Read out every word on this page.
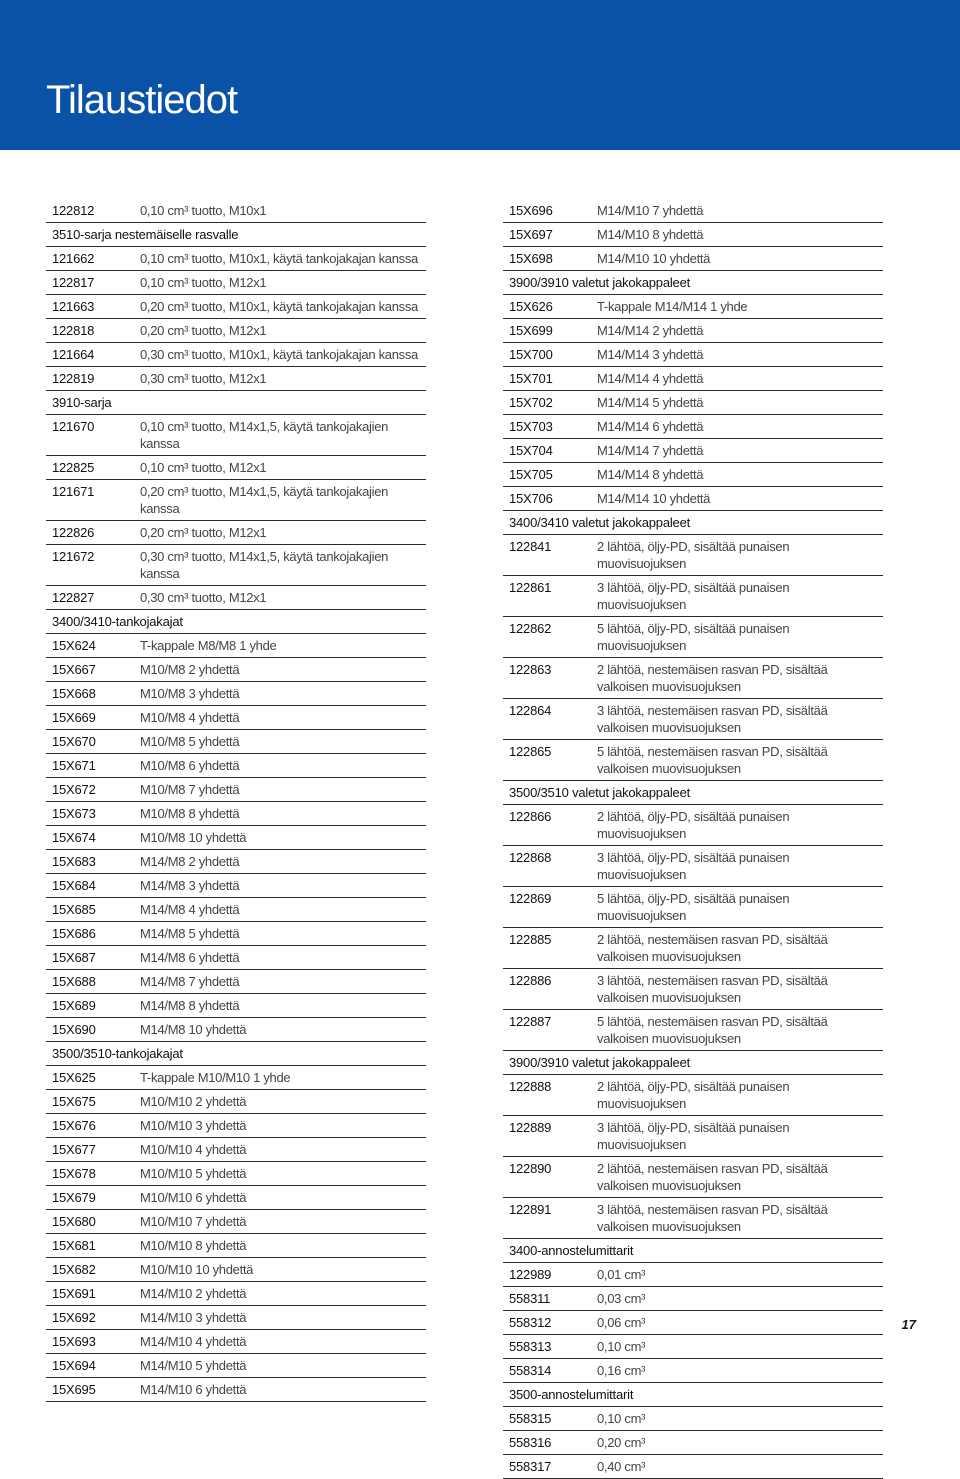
Tilaustiedot
122812	0,10 cm³ tuotto, M10x1
3510-sarja nestemäiselle rasvalle
121662	0,10 cm³ tuotto, M10x1, käytä tankojakajan kanssa
122817	0,10 cm³ tuotto, M12x1
121663	0,20 cm³ tuotto, M10x1, käytä tankojakajan kanssa
122818	0,20 cm³ tuotto, M12x1
121664	0,30 cm³ tuotto, M10x1, käytä tankojakajan kanssa
122819	0,30 cm³ tuotto, M12x1
3910-sarja
121670	0,10 cm³ tuotto, M14x1,5, käytä tankojakajien kanssa
122825	0,10 cm³ tuotto, M12x1
121671	0,20 cm³ tuotto, M14x1,5, käytä tankojakajien kanssa
122826	0,20 cm³ tuotto, M12x1
121672	0,30 cm³ tuotto, M14x1,5, käytä tankojakajien kanssa
122827	0,30 cm³ tuotto, M12x1
3400/3410-tankojakajat
15X624	T-kappale M8/M8 1 yhde
15X667	M10/M8 2 yhdettä
15X668	M10/M8 3 yhdettä
15X669	M10/M8 4 yhdettä
15X670	M10/M8 5 yhdettä
15X671	M10/M8 6 yhdettä
15X672	M10/M8 7 yhdettä
15X673	M10/M8 8 yhdettä
15X674	M10/M8 10 yhdettä
15X683	M14/M8 2 yhdettä
15X684	M14/M8 3 yhdettä
15X685	M14/M8 4 yhdettä
15X686	M14/M8 5 yhdettä
15X687	M14/M8 6 yhdettä
15X688	M14/M8 7 yhdettä
15X689	M14/M8 8 yhdettä
15X690	M14/M8 10 yhdettä
3500/3510-tankojakajat
15X625	T-kappale M10/M10 1 yhde
15X675	M10/M10 2 yhdettä
15X676	M10/M10 3 yhdettä
15X677	M10/M10 4 yhdettä
15X678	M10/M10 5 yhdettä
15X679	M10/M10 6 yhdettä
15X680	M10/M10 7 yhdettä
15X681	M10/M10 8 yhdettä
15X682	M10/M10 10 yhdettä
15X691	M14/M10 2 yhdettä
15X692	M14/M10 3 yhdettä
15X693	M14/M10 4 yhdettä
15X694	M14/M10 5 yhdettä
15X695	M14/M10 6 yhdettä
15X696	M14/M10 7 yhdettä
15X697	M14/M10 8 yhdettä
15X698	M14/M10 10 yhdettä
3900/3910 valetut jakokappaleet
15X626	T-kappale M14/M14 1 yhde
15X699	M14/M14 2 yhdettä
15X700	M14/M14 3 yhdettä
15X701	M14/M14 4 yhdettä
15X702	M14/M14 5 yhdettä
15X703	M14/M14 6 yhdettä
15X704	M14/M14 7 yhdettä
15X705	M14/M14 8 yhdettä
15X706	M14/M14 10 yhdettä
3400/3410 valetut jakokappaleet
122841	2 lähtöä, öljy-PD, sisältää punaisen muovisuojuksen
122861	3 lähtöä, öljy-PD, sisältää punaisen muovisuojuksen
122862	5 lähtöä, öljy-PD, sisältää punaisen muovisuojuksen
122863	2 lähtöä, nestemäisen rasvan PD, sisältää valkoisen muovisuojuksen
122864	3 lähtöä, nestemäisen rasvan PD, sisältää valkoisen muovisuojuksen
122865	5 lähtöä, nestemäisen rasvan PD, sisältää valkoisen muovisuojuksen
3500/3510 valetut jakokappaleet
122866	2 lähtöä, öljy-PD, sisältää punaisen muovisuojuksen
122868	3 lähtöä, öljy-PD, sisältää punaisen muovisuojuksen
122869	5 lähtöä, öljy-PD, sisältää punaisen muovisuojuksen
122885	2 lähtöä, nestemäisen rasvan PD, sisältää valkoisen muovisuojuksen
122886	3 lähtöä, nestemäisen rasvan PD, sisältää valkoisen muovisuojuksen
122887	5 lähtöä, nestemäisen rasvan PD, sisältää valkoisen muovisuojuksen
3900/3910 valetut jakokappaleet
122888	2 lähtöä, öljy-PD, sisältää punaisen muovisuojuksen
122889	3 lähtöä, öljy-PD, sisältää punaisen muovisuojuksen
122890	2 lähtöä, nestemäisen rasvan PD, sisältää valkoisen muovisuojuksen
122891	3 lähtöä, nestemäisen rasvan PD, sisältää valkoisen muovisuojuksen
3400-annostelumittarit
122989	0,01 cm³
558311	0,03 cm³
558312	0,06 cm³
558313	0,10 cm³
558314	0,16 cm³
3500-annostelumittarit
558315	0,10 cm³
558316	0,20 cm³
558317	0,40 cm³
17
